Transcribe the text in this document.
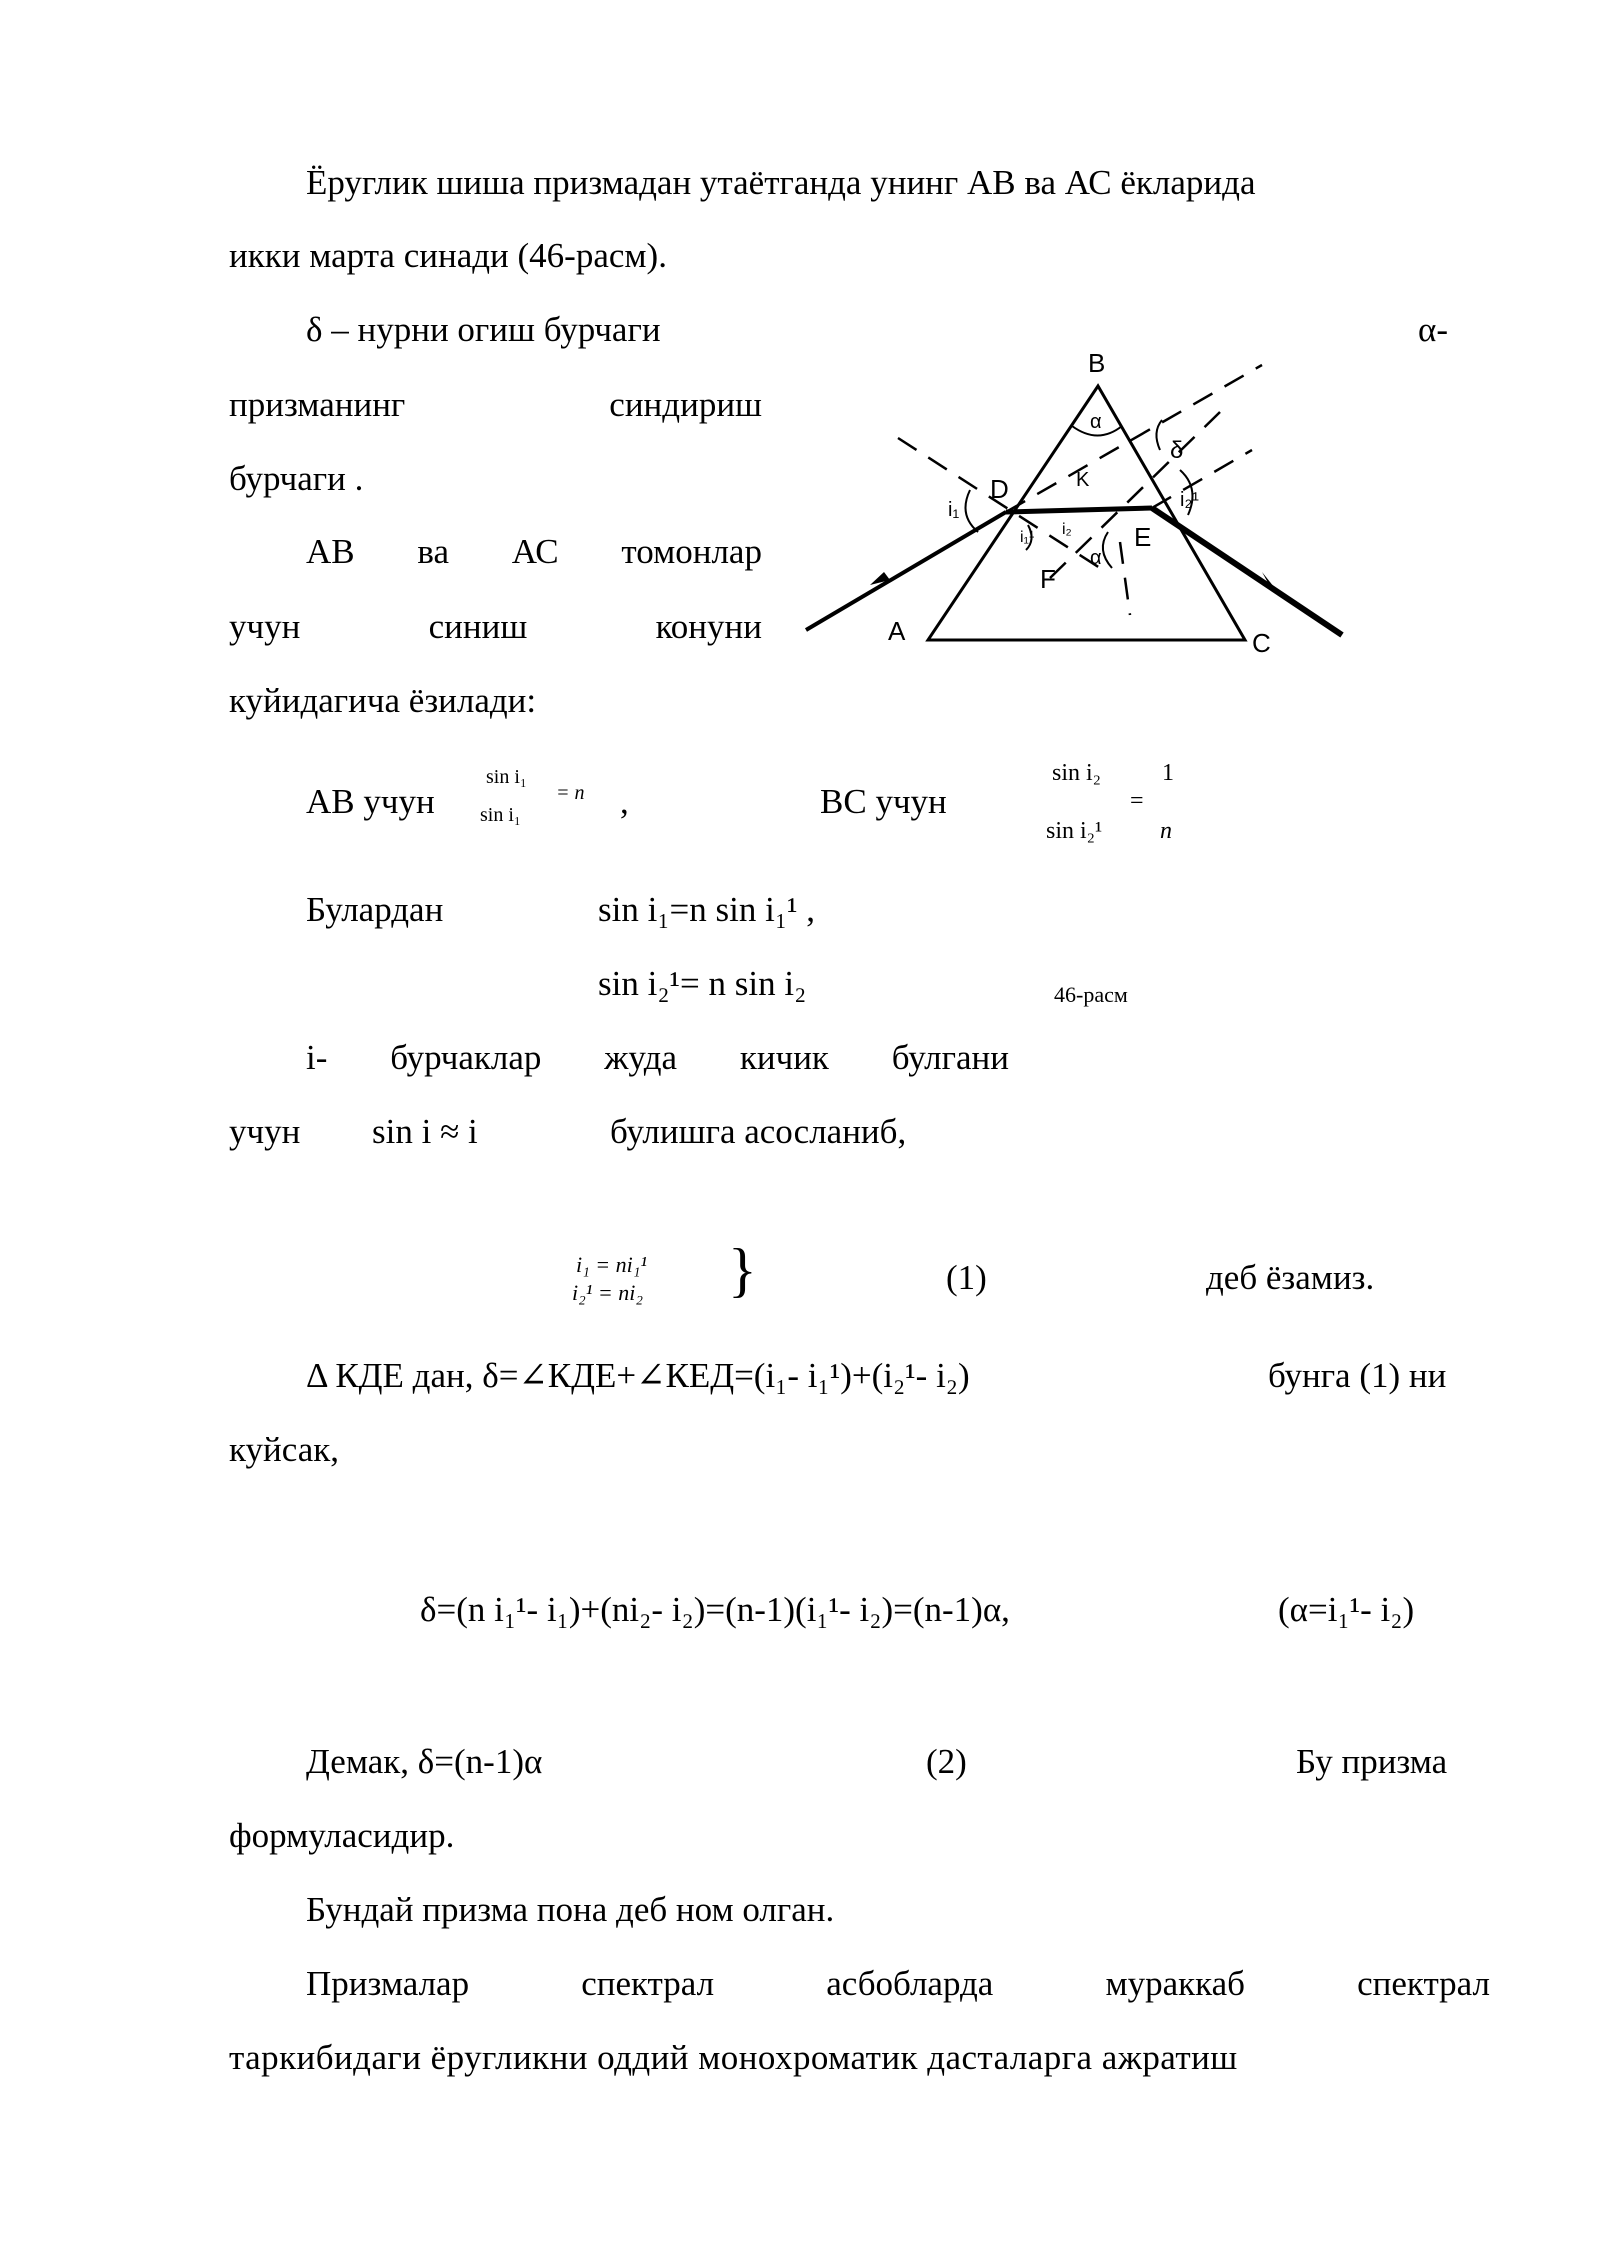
Ёруглик шиша призмадан утаётганда унинг АВ ва АС ёкларида
икки марта синади (46-расм).
δ – нурни огиш бурчаги	α-
призманинг	синдириш
бурчаги .
АВ ва АС томонлар
учун	синиш	конуни
куйидагича ёзилади:
B
A	C
E
F
D	K
α
δ
i₁
i₁¹ i₂
i₂¹
α
АВ учун
sin i₁
sin i₁
= n ,	ВС учун
sin i₂
sin i₂¹
=
1
n
Булардан	sin i₁=n sin i₁¹ ,
sin i₂¹= n sin i₂	46-расм
i- бурчаклар жуда кичик булгани
учун sin i ≈ i	булишга асосланиб,
i₁ = ni₁¹
i₂¹ = ni₂ }	(1)	деб ёзамиз.
Δ КДЕ дан, δ=∠КДЕ+∠КЕД=(i₁- i₁¹)+(i₂¹- i₂)	бунга (1) ни
куйсак,
δ=(n i₁¹- i₁)+(ni₂- i₂)=(n-1)(i₁¹- i₂)=(n-1)α,	(α=i₁¹- i₂)
Демак, δ=(n-1)α	(2)	Бу призма
формуласидир.
Бундай призма пона деб ном олган.
Призмалар	спектрал	асбобларда	мураккаб	спектрал
таркибидаги ёругликни оддий монохроматик дасталарга ажратиш
